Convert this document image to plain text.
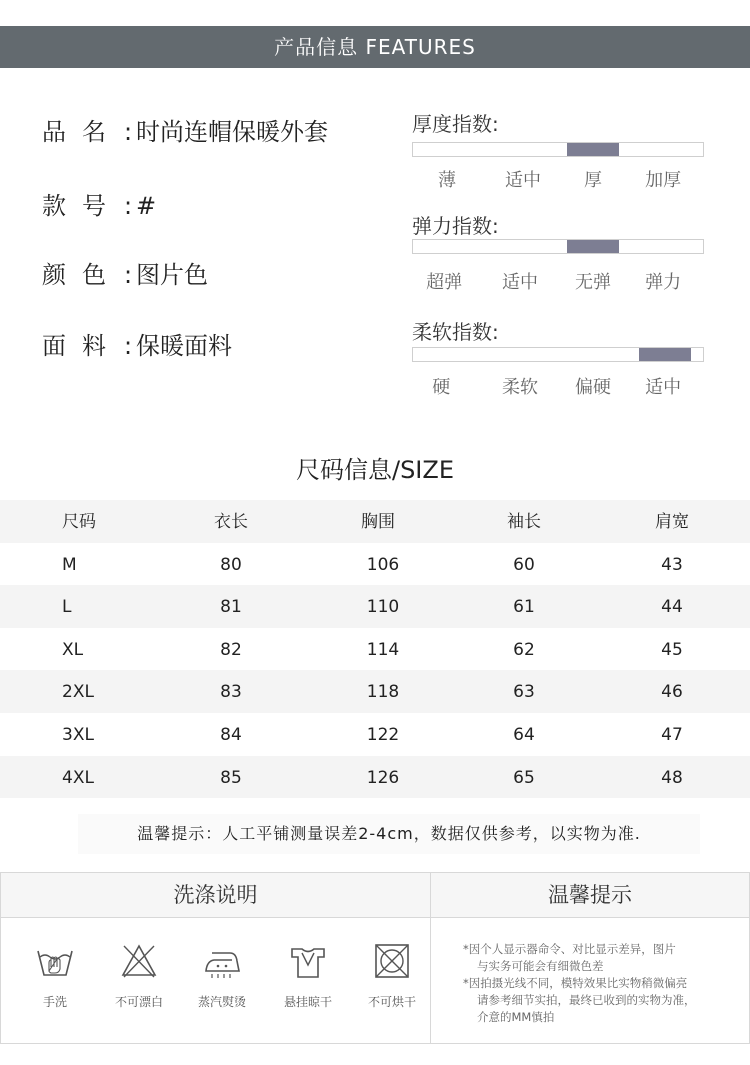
产品信息 FEATURES
品名: 时尚连帽保暖外套
款号: #
颜色: 图片色
面料: 保暖面料
厚度指数:
薄	适中 厚 加厚
弹力指数:
超弹 适中 无弹 弹力
柔软指数:
硬	柔软 偏硬 适中
尺码信息/SIZE
尺码	衣长	胸围	袖长	肩宽
M	80	106	60	43
L	81	110	61	44
XL	82	114	62	45
2XL	83	118	63	46
3XL	84	122	64	47
4XL	85	126	65	48
温馨提示：人工平铺测量误差2-4cm，数据仅供参考，以实物为准.
洗涤说明	温馨提示
手洗	不可漂白	蒸汽熨烫	悬挂晾干	不可烘干

*因个人显示器命令、对比显示差异，图片

与实务可能会有细微色差

*因拍摄光线不同，模特效果比实物稍微偏亮

请参考细节实拍，最终已收到的实物为准，

介意的MM慎拍
